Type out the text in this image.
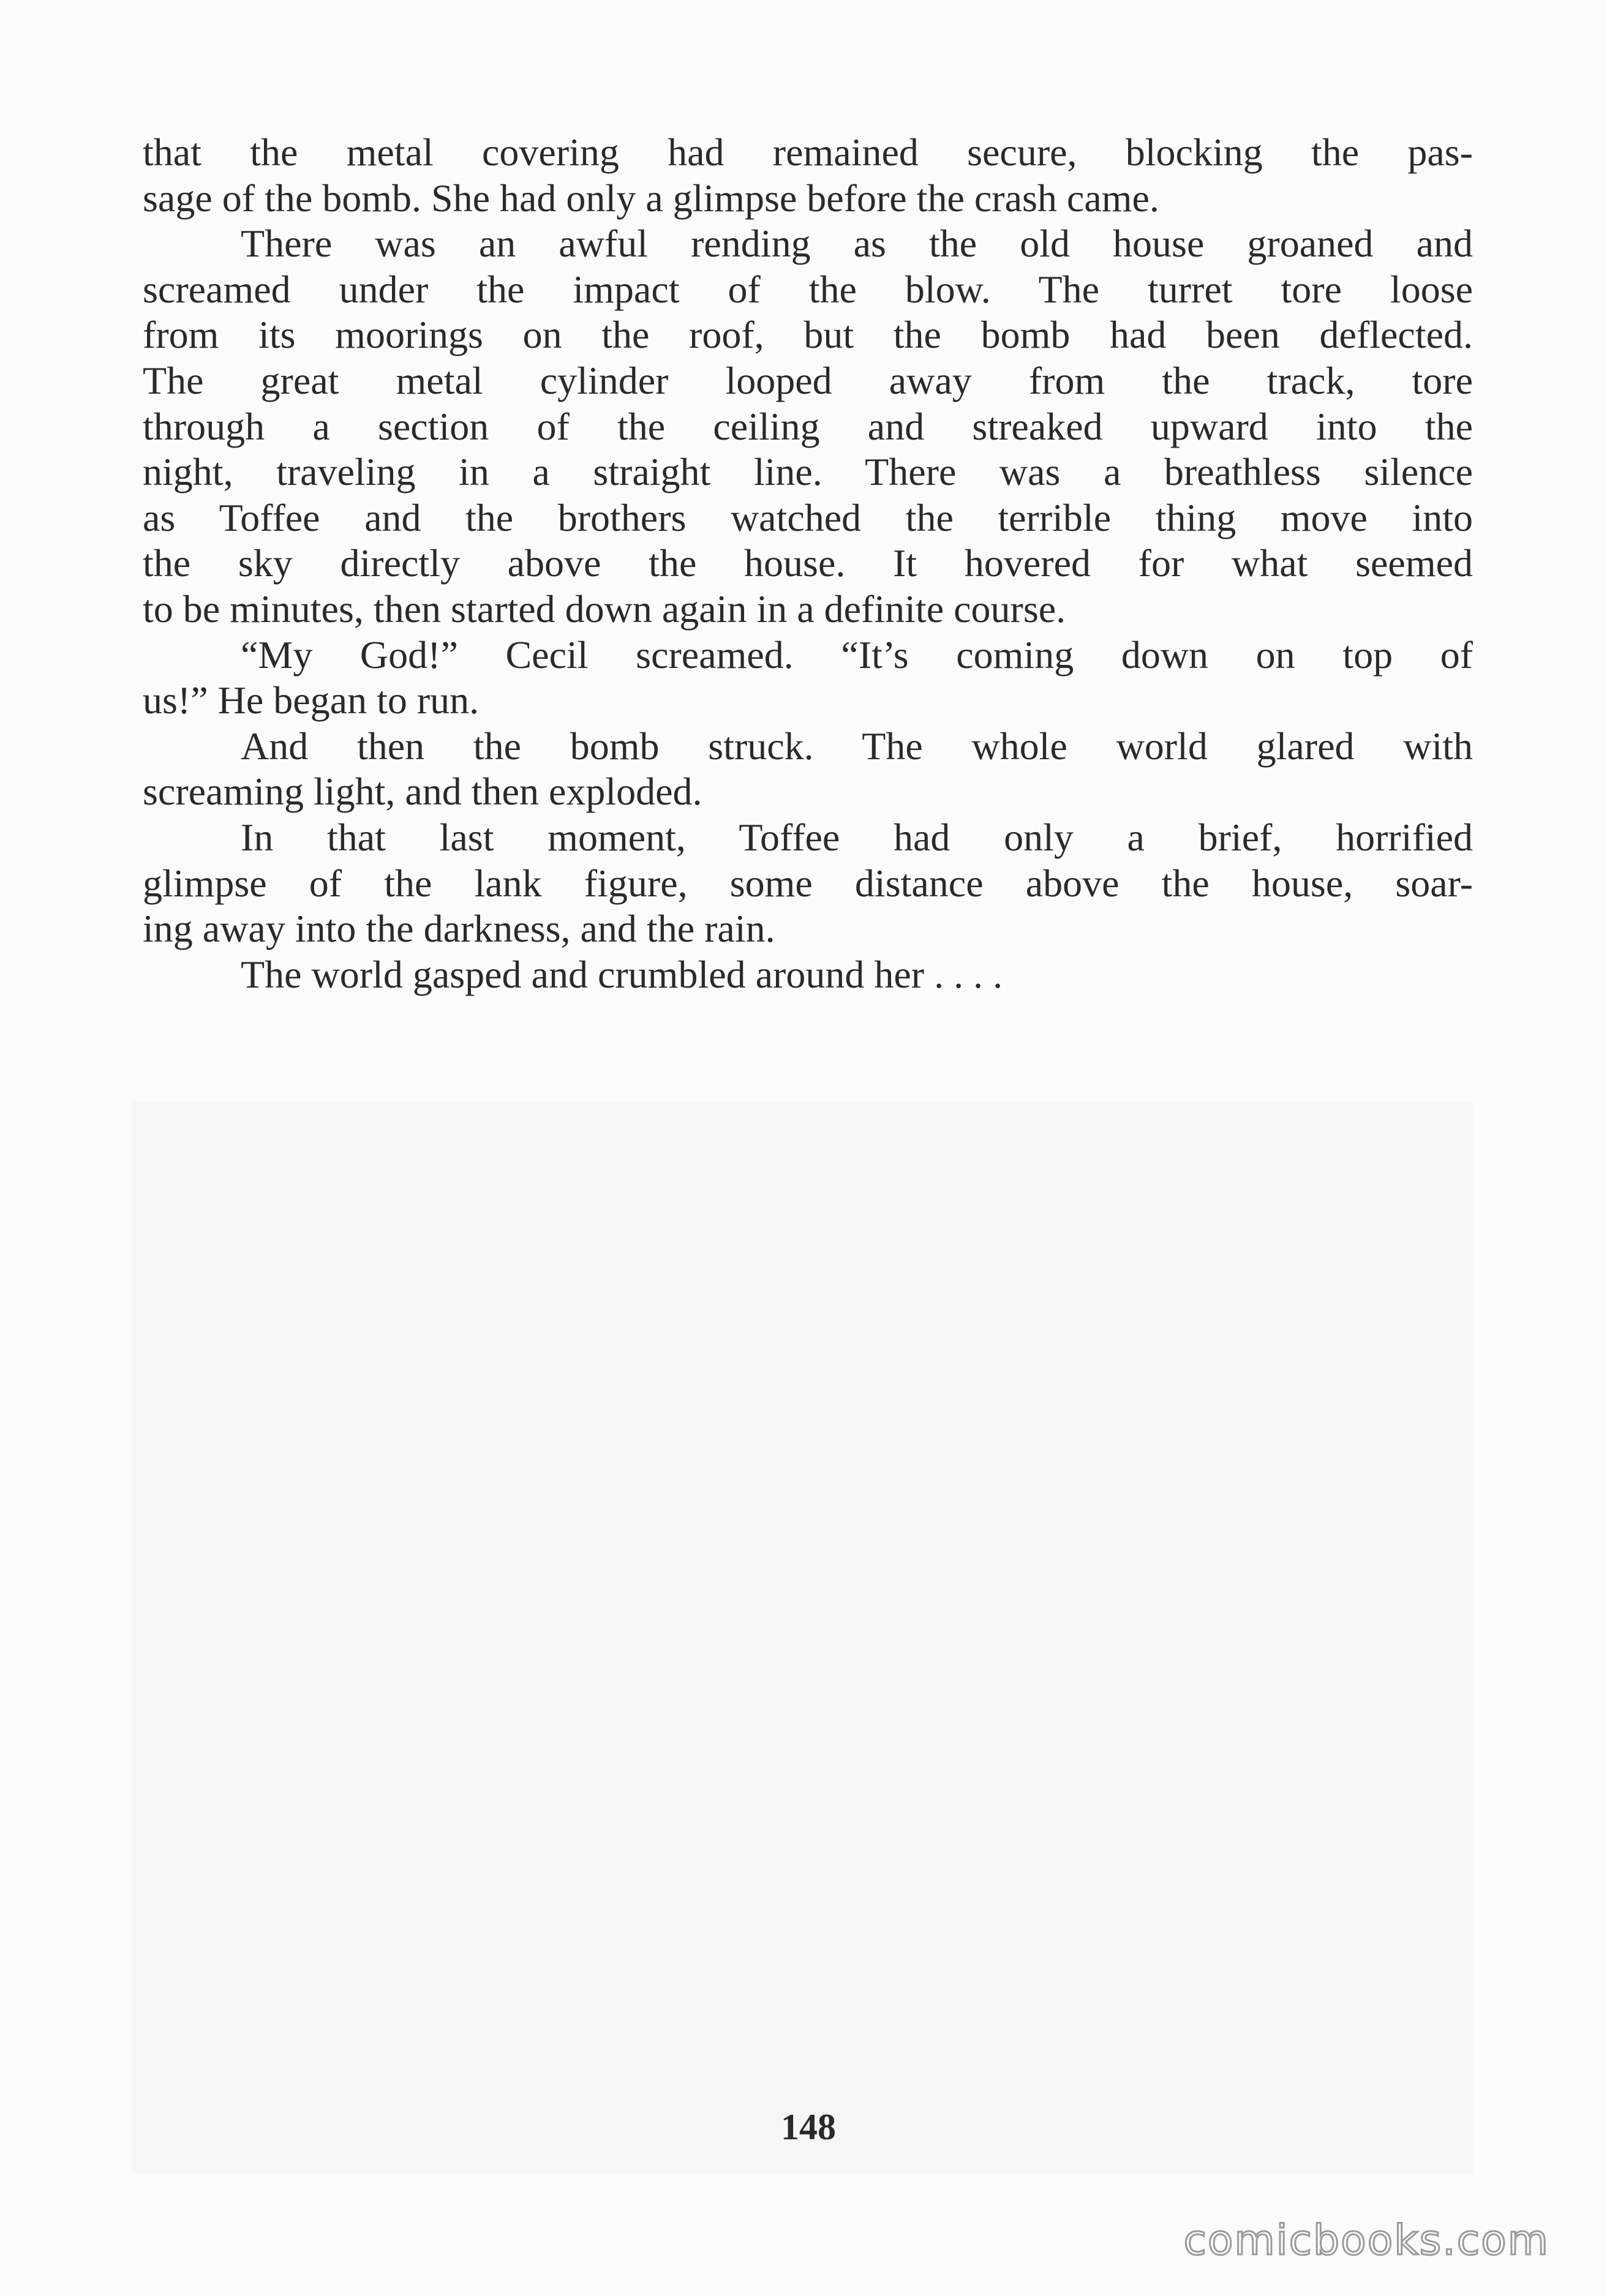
that the metal covering had remained secure, blocking the pas-
sage of the bomb. She had only a glimpse before the crash came.
There was an awful rending as the old house groaned and
screamed under the impact of the blow. The turret tore loose
from its moorings on the roof, but the bomb had been deflected.
The great metal cylinder looped away from the track, tore
through a section of the ceiling and streaked upward into the
night, traveling in a straight line. There was a breathless silence
as Toffee and the brothers watched the terrible thing move into
the sky directly above the house. It hovered for what seemed
to be minutes, then started down again in a definite course.
“My God!” Cecil screamed. “It’s coming down on top of
us!” He began to run.
And then the bomb struck. The whole world glared with
screaming light, and then exploded.
In that last moment, Toffee had only a brief, horrified
glimpse of the lank figure, some distance above the house, soar-
ing away into the darkness, and the rain.
The world gasped and crumbled around her . . . .
148
comicbooks.com
